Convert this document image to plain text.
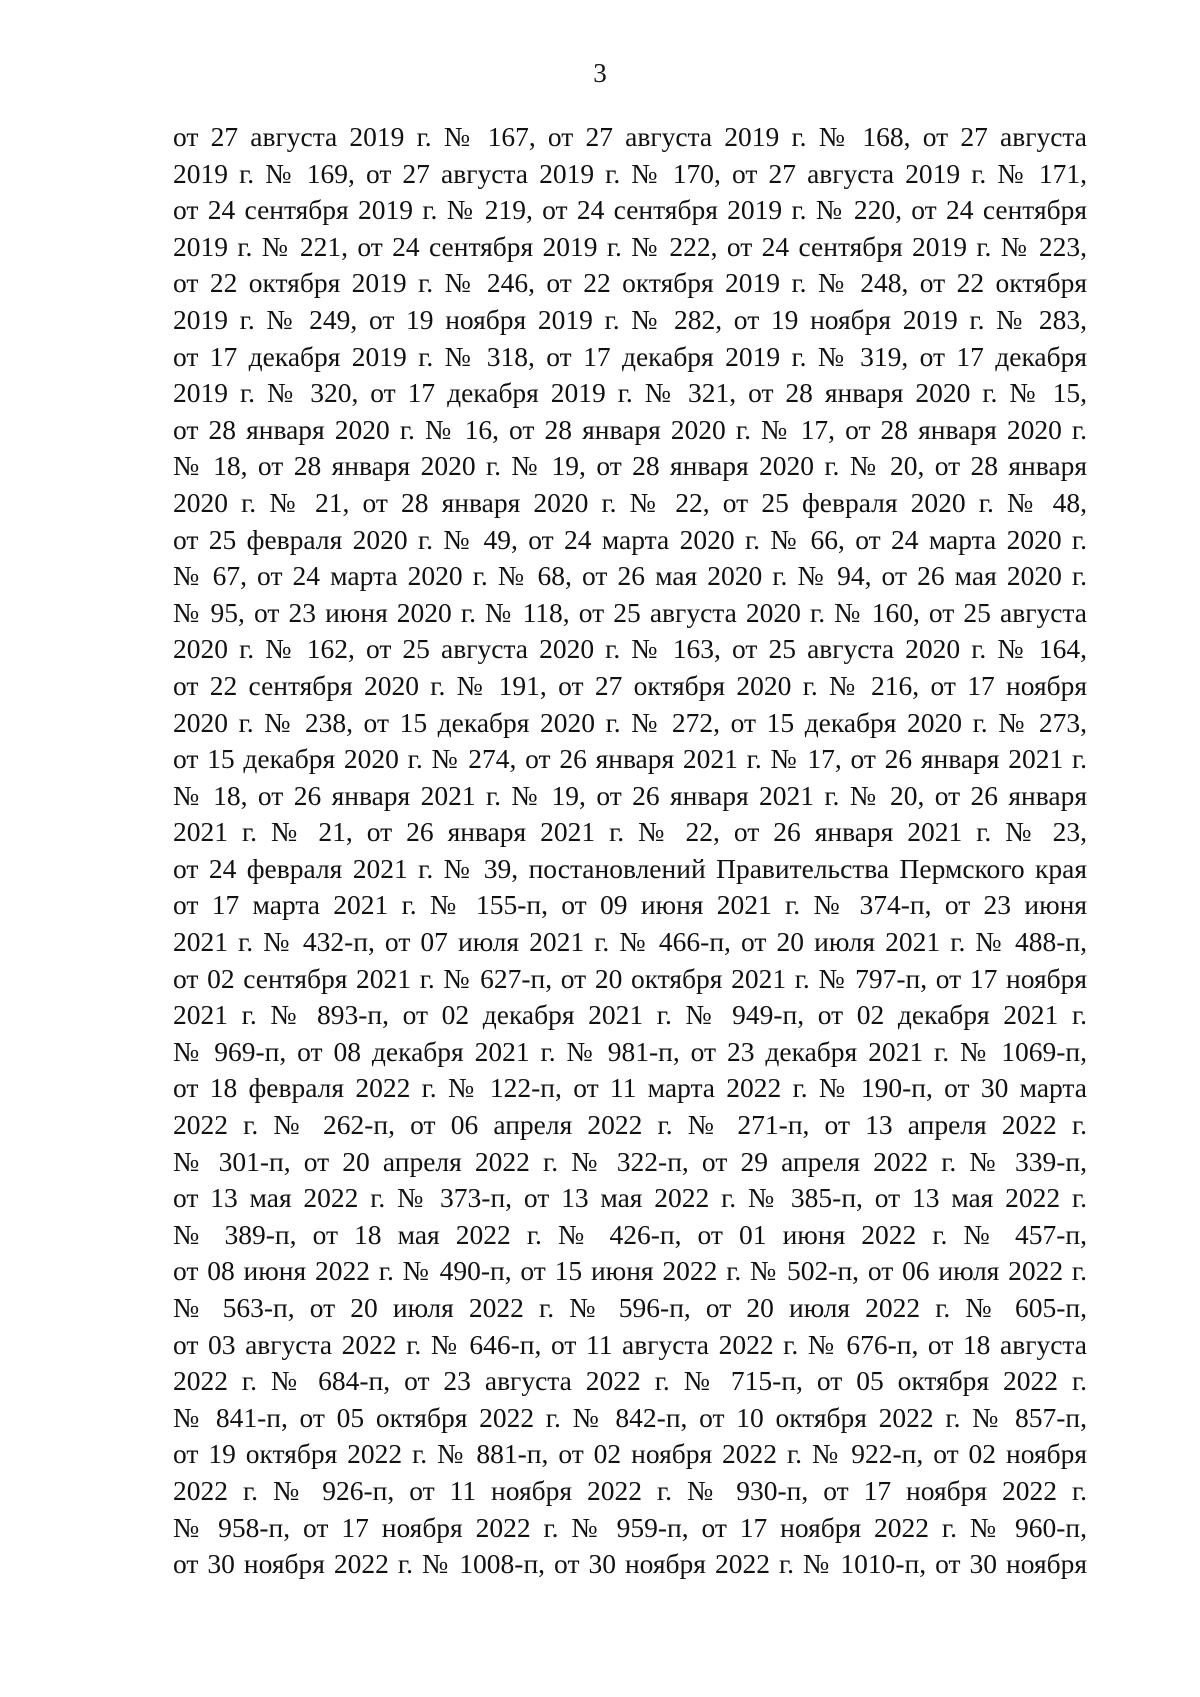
3
от 27 августа 2019 г. № 167, от 27 августа 2019 г. № 168, от 27 августа
2019 г. № 169, от 27 августа 2019 г. № 170, от 27 августа 2019 г. № 171,
от 24 сентября 2019 г. № 219, от 24 сентября 2019 г. № 220, от 24 сентября
2019 г. № 221, от 24 сентября 2019 г. № 222, от 24 сентября 2019 г. № 223,
от 22 октября 2019 г. № 246, от 22 октября 2019 г. № 248, от 22 октября
2019 г. № 249, от 19 ноября 2019 г. № 282, от 19 ноября 2019 г. № 283,
от 17 декабря 2019 г. № 318, от 17 декабря 2019 г. № 319, от 17 декабря
2019 г. № 320, от 17 декабря 2019 г. № 321, от 28 января 2020 г. № 15,
от 28 января 2020 г. № 16, от 28 января 2020 г. № 17, от 28 января 2020 г.
№ 18, от 28 января 2020 г. № 19, от 28 января 2020 г. № 20, от 28 января
2020 г. № 21, от 28 января 2020 г. № 22, от 25 февраля 2020 г. № 48,
от 25 февраля 2020 г. № 49, от 24 марта 2020 г. № 66, от 24 марта 2020 г.
№ 67, от 24 марта 2020 г. № 68, от 26 мая 2020 г. № 94, от 26 мая 2020 г.
№ 95, от 23 июня 2020 г. № 118, от 25 августа 2020 г. № 160, от 25 августа
2020 г. № 162, от 25 августа 2020 г. № 163, от 25 августа 2020 г. № 164,
от 22 сентября 2020 г. № 191, от 27 октября 2020 г. № 216, от 17 ноября
2020 г. № 238, от 15 декабря 2020 г. № 272, от 15 декабря 2020 г. № 273,
от 15 декабря 2020 г. № 274, от 26 января 2021 г. № 17, от 26 января 2021 г.
№ 18, от 26 января 2021 г. № 19, от 26 января 2021 г. № 20, от 26 января
2021 г. № 21, от 26 января 2021 г. № 22, от 26 января 2021 г. № 23,
от 24 февраля 2021 г. № 39, постановлений Правительства Пермского края
от 17 марта 2021 г. № 155-п, от 09 июня 2021 г. № 374-п, от 23 июня
2021 г. № 432-п, от 07 июля 2021 г. № 466-п, от 20 июля 2021 г. № 488-п,
от 02 сентября 2021 г. № 627-п, от 20 октября 2021 г. № 797-п, от 17 ноября
2021 г. № 893-п, от 02 декабря 2021 г. № 949-п, от 02 декабря 2021 г.
№ 969-п, от 08 декабря 2021 г. № 981-п, от 23 декабря 2021 г. № 1069-п,
от 18 февраля 2022 г. № 122-п, от 11 марта 2022 г. № 190-п, от 30 марта
2022 г. № 262-п, от 06 апреля 2022 г. № 271-п, от 13 апреля 2022 г.
№ 301-п, от 20 апреля 2022 г. № 322-п, от 29 апреля 2022 г. № 339-п,
от 13 мая 2022 г. № 373-п, от 13 мая 2022 г. № 385-п, от 13 мая 2022 г.
№ 389-п, от 18 мая 2022 г. № 426-п, от 01 июня 2022 г. № 457-п,
от 08 июня 2022 г. № 490-п, от 15 июня 2022 г. № 502-п, от 06 июля 2022 г.
№ 563-п, от 20 июля 2022 г. № 596-п, от 20 июля 2022 г. № 605-п,
от 03 августа 2022 г. № 646-п, от 11 августа 2022 г. № 676-п, от 18 августа
2022 г. № 684-п, от 23 августа 2022 г. № 715-п, от 05 октября 2022 г.
№ 841-п, от 05 октября 2022 г. № 842-п, от 10 октября 2022 г. № 857-п,
от 19 октября 2022 г. № 881-п, от 02 ноября 2022 г. № 922-п, от 02 ноября
2022 г. № 926-п, от 11 ноября 2022 г. № 930-п, от 17 ноября 2022 г.
№ 958-п, от 17 ноября 2022 г. № 959-п, от 17 ноября 2022 г. № 960-п,
от 30 ноября 2022 г. № 1008-п, от 30 ноября 2022 г. № 1010-п, от 30 ноября
